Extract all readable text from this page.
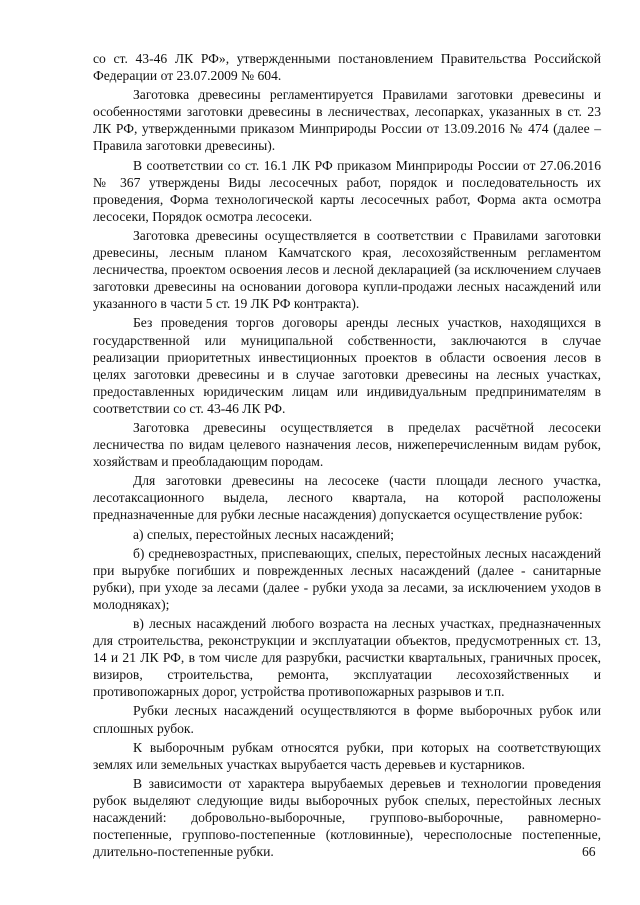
со ст. 43-46 ЛК РФ», утвержденными постановлением Правительства Российской Федерации от 23.07.2009 № 604.

Заготовка древесины регламентируется Правилами заготовки древесины и особенностями заготовки древесины в лесничествах, лесопарках, указанных в ст. 23 ЛК РФ, утвержденными приказом Минприроды России от 13.09.2016 № 474 (далее – Правила заготовки древесины).

В соответствии со ст. 16.1 ЛК РФ приказом Минприроды России от 27.06.2016 № 367 утверждены Виды лесосечных работ, порядок и последовательность их проведения, Форма технологической карты лесосечных работ, Форма акта осмотра лесосеки, Порядок осмотра лесосеки.

Заготовка древесины осуществляется в соответствии с Правилами заготовки древесины, лесным планом Камчатского края, лесохозяйственным регламентом лесничества, проектом освоения лесов и лесной декларацией (за исключением случаев заготовки древесины на основании договора купли-продажи лесных насаждений или указанного в части 5 ст. 19 ЛК РФ контракта).

Без проведения торгов договоры аренды лесных участков, находящихся в государственной или муниципальной собственности, заключаются в случае реализации приоритетных инвестиционных проектов в области освоения лесов в целях заготовки древесины и в случае заготовки древесины на лесных участках, предоставленных юридическим лицам или индивидуальным предпринимателям в соответствии со ст. 43-46 ЛК РФ.

Заготовка древесины осуществляется в пределах расчётной лесосеки лесничества по видам целевого назначения лесов, нижеперечисленным видам рубок, хозяйствам и преобладающим породам.

Для заготовки древесины на лесосеке (части площади лесного участка, лесотаксационного выдела, лесного квартала, на которой расположены предназначенные для рубки лесные насаждения) допускается осуществление рубок:

а) спелых, перестойных лесных насаждений;

б) средневозрастных, приспевающих, спелых, перестойных лесных насаждений при вырубке погибших и поврежденных лесных насаждений (далее - санитарные рубки), при уходе за лесами (далее - рубки ухода за лесами, за исключением уходов в молодняках);

в) лесных насаждений любого возраста на лесных участках, предназначенных для строительства, реконструкции и эксплуатации объектов, предусмотренных ст. 13, 14 и 21 ЛК РФ, в том числе для разрубки, расчистки квартальных, граничных просек, визиров, строительства, ремонта, эксплуатации лесохозяйственных и противопожарных дорог, устройства противопожарных разрывов и т.п.

Рубки лесных насаждений осуществляются в форме выборочных рубок или сплошных рубок.

К выборочным рубкам относятся рубки, при которых на соответствующих землях или земельных участках вырубается часть деревьев и кустарников.

В зависимости от характера вырубаемых деревьев и технологии проведения рубок выделяют следующие виды выборочных рубок спелых, перестойных лесных насаждений: добровольно-выборочные, группово-выборочные, равномерно-постепенные, группово-постепенные (котловинные), чересполосные постепенные, длительно-постепенные рубки.	66
